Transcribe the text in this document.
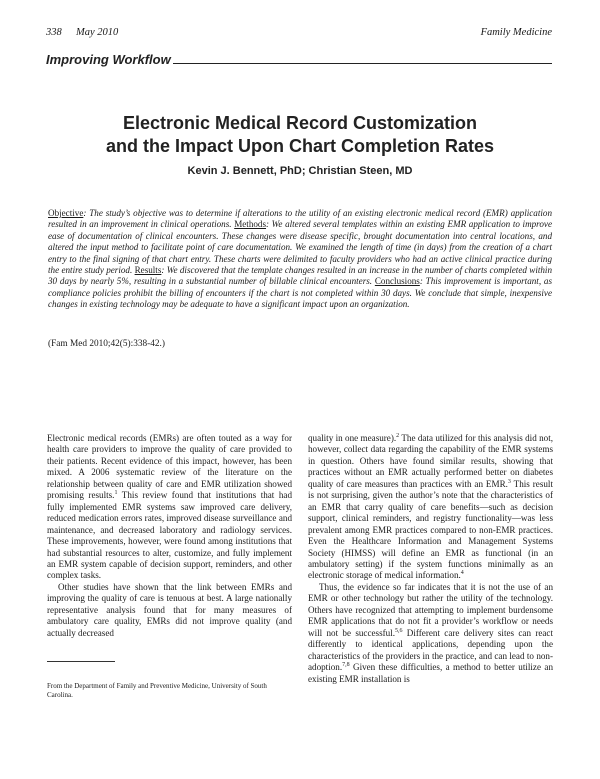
338 May 2010	Family Medicine
Improving Workflow
Electronic Medical Record Customization
and the Impact Upon Chart Completion Rates
Kevin J. Bennett, PhD; Christian Steen, MD
Objective: The study’s objective was to determine if alterations to the utility of an existing electronic medical record (EMR) application resulted in an improvement in clinical operations. Methods: We altered several templates within an existing EMR application to improve ease of documentation of clinical encounters. These changes were disease specific, brought documentation into central locations, and altered the input method to facilitate point of care documentation. We examined the length of time (in days) from the creation of a chart entry to the final signing of that chart entry. These charts were delimited to faculty providers who had an active clinical practice during the entire study period. Results: We discovered that the template changes resulted in an increase in the number of charts completed within 30 days by nearly 5%, resulting in a substantial number of billable clinical encounters. Conclusions: This improvement is important, as compliance policies prohibit the billing of encounters if the chart is not completed within 30 days. We conclude that simple, inexpensive changes in existing technology may be adequate to have a significant impact upon an organization.
(Fam Med 2010;42(5):338-42.)

Electronic medical records (EMRs) are often touted as a way for health care providers to improve the quality of care provided to their patients. Recent evidence of this impact, however, has been mixed. A 2006 systematic review of the literature on the relationship between quality of care and EMR utilization showed promising results.$^1$ This review found that institutions that had fully implemented EMR systems saw improved care delivery, reduced medication errors rates, improved disease surveillance and maintenance, and decreased laboratory and radiology services. These improvements, however, were found among institutions that had substantial resources to alter, customize, and fully implement an EMR system capable of decision support, reminders, and other complex tasks.

Other studies have shown that the link between EMRs and improving the quality of care is tenuous at best. A large nationally representative analysis found that for many measures of ambulatory care quality, EMRs did not improve quality (and actually decreased

quality in one measure).$^2$ The data utilized for this analysis did not, however, collect data regarding the capability of the EMR systems in question. Others have found similar results, showing that practices without an EMR actually performed better on diabetes quality of care measures than practices with an EMR.$^3$ This result is not surprising, given the author’s note that the characteristics of an EMR that carry quality of care benefits—such as decision support, clinical reminders, and registry functionality—was less prevalent among EMR practices compared to non-EMR practices. Even the Healthcare Information and Management Systems Society (HIMSS) will define an EMR as functional (in an ambulatory setting) if the system functions minimally as an electronic storage of medical information.$^4$

Thus, the evidence so far indicates that it is not the use of an EMR or other technology but rather the utility of the technology. Others have recognized that attempting to implement burdensome EMR applications that do not fit a provider’s workflow or needs will not be successful.$^{5,6}$ Different care delivery sites can react differently to identical applications, depending upon the characteristics of the providers in the practice, and can lead to non-adoption.$^{7,8}$ Given these difficulties, a method to better utilize an existing EMR installation is

From the Department of Family and Preventive Medicine, University of South Carolina.
